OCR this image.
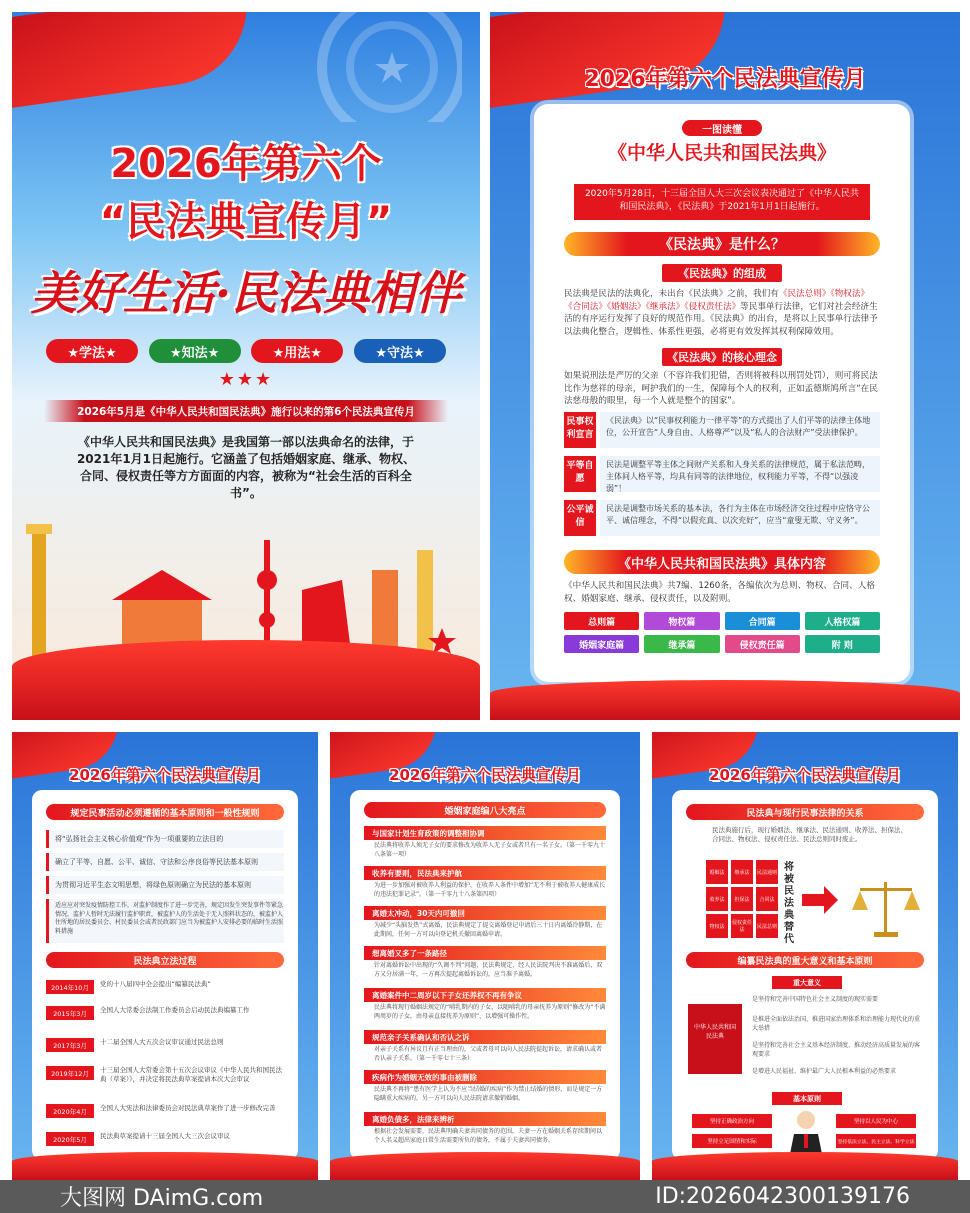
2026年第六个
“民法典宣传月”
美好生活·民法典相伴
★学法★	★知法★	★用法★	★守法★
★★★
2026年5月是《中华人民共和国民法典》施行以来的第6个民法典宣传月
《中华人民共和国民法典》是我国第一部以法典命名的法律，于2021年1月1日起施行。它涵盖了包括婚姻家庭、继承、物权、合同、侵权责任等方方面面的内容，被称为“社会生活的百科全书”。
2026年第六个民法典宣传月
一图读懂
《中华人民共和国民法典》
2020年5月28日，十三届全国人大三次会议表决通过了《中华人民共和国民法典》，《民法典》于2021年1月1日起施行。
《民法典》是什么？
《民法典》的组成
民法典是民法的法典化，未出台《民法典》之前，我们有《民法总则》《物权法》《合同法》《婚姻法》《继承法》《侵权责任法》等民事单行法律，它们对社会经济生活的有序运行发挥了良好的规范作用。《民法典》的出台，是将以上民事单行法律予以法典化整合，逻辑性、体系性更强，必将更有效发挥其权利保障效用。
《民法典》的核心理念
如果说刑法是严厉的父亲（不容许我们犯错，否则将被科以刑罚处罚），则可将民法比作为慈祥的母亲，呵护我们的一生，保障每个人的权利，正如孟德斯鸠所言“在民法慈母般的眼里，每一个人就是整个的国家”。
民事权利宣言
《民法典》以“民事权利能力一律平等”的方式提出了人们平等的法律主体地位，公开宣告“人身自由、人格尊严”以及“私人的合法财产”受法律保护。
平等自愿
民法是调整平等主体之间财产关系和人身关系的法律规范，属于私法范畴，主体间人格平等，均具有同等的法律地位，权利能力平等，不得“以强凌弱”！
公平诚信
民法是调整市场关系的基本法，各行为主体在市场经济交往过程中应恪守公平、诚信理念，不得“以假充真、以次充好”，应当“童叟无欺、守义务”。
《中华人民共和国民法典》具体内容
《中华人民共和国民法典》共7编、1260条，各编依次为总则、物权、合同、人格权、婚姻家庭、继承、侵权责任，以及附则。
总则篇	物权篇	合同篇	人格权篇
婚姻家庭篇	继承篇	侵权责任篇	附 则
2026年第六个民法典宣传月
规定民事活动必须遵循的基本原则和一般性规则
将“弘扬社会主义核心价值观”作为一项重要的立法目的
确立了平等、自愿、公平、诚信、守法和公序良俗等民法基本原则
为贯彻习近平生态文明思想，将绿色原则确立为民法的基本原则
适应应对突发疫情防控工作，对监护制度作了进一步完善，规定因发生突发事件等紧急情况，监护人暂时无法履行监护职责，被监护人的生活处于无人照料状态的，被监护人住所地的居民委员会、村民委员会或者民政部门应当为被监护人安排必要的临时生活照料措施
民法典立法过程
2014年10月	党的十八届四中全会提出“编纂民法典”
2015年3月	全国人大常委会法制工作委员会启动民法典编纂工作
2017年3月	十二届全国人大五次会议审议通过民法总则
2019年12月	十三届全国人大常委会第十五次会议审议《中华人民共和国民法典（草案）》，并决定将民法典草案提请本次大会审议
2020年4月	全国人大宪法和法律委员会对民法典草案作了进一步修改完善
2020年5月	民法典草案提请十三届全国人大三次会议审议
2026年第六个民法典宣传月
婚姻家庭编八大亮点
与国家计划生育政策的调整相协调
民法典将收养人须无子女的要求修改为收养人无子女或者只有一名子女。（第一千零九十八条第一项）
收养有要则，民法典来护航
为进一步加强对被收养人利益的保护，在收养人条件中增加“无不利于被收养人健康成长的违法犯罪记录”。（第一千零九十八条第四项）
离婚太冲动，30天内可撤回
为减少“头脑发热”式离婚，民法典规定了提交离婚登记申请后三十日内离婚冷静期，在此期间，任何一方可以向登记机关撤回离婚申请。
想离婚又多了一条路径
针对离婚诉讼中出现的“久调不判”问题，民法典规定，经人民法院判决不准离婚后，双方又分居满一年，一方再次提起离婚诉讼的，应当准予离婚。
离婚案件中二周岁以下子女还养权不再有争议
民法典将现行婚姻法规定的“哺乳期内的子女，以随哺乳的母亲抚养为原则”修改为“不满两周岁的子女，由母亲直接抚养为原则”，以增强可操作性。
规范亲子关系确认和否认之诉
对亲子关系有异议且有正当理由的，父或者母可以向人民法院提起诉讼，请求确认或者否认亲子关系。（第一千零七十三条）
疾病作为婚姻无效的事由被删除
民法典不再将“患有医学上认为不应当结婚的疾病”作为禁止结婚的情形，而是规定一方隐瞒重大疾病的，另一方可以向人民法院请求撤销婚姻。
离婚负债多，法律来辨析
根据社会发展需要，民法典明确夫妻共同债务的范围，夫妻一方在婚姻关系存续期间以个人名义超出家庭日常生活需要所负的债务，不属于夫妻共同债务。
2026年第六个民法典宣传月
民法典与现行民事法律的关系
民法典施行后，现行婚姻法、继承法、民法通则、收养法、担保法、合同法、物权法、侵权责任法、民法总则同时废止。
婚姻法	继承法	民法通则
收养法	担保法	合同法
物权法
侵权责任法
民法总则
将被民法典替代
编纂民法典的重大意义和基本原则
重大意义
中华人民共和国民法典
是坚持和完善中国特色社会主义制度的现实需要
是推进全面依法治国、推进国家治理体系和治理能力现代化的重大举措
是坚持和完善社会主义基本经济制度、推动经济高质量发展的客观要求
是增进人民福祉、维护最广大人民根本利益的必然要求
基本原则
坚持正确政治方向	坚持以人民为中心
坚持立足国情和实际	坚持依法立法、民主立法、科学立法
大图网 DAimG.com	ID:2026042300139176
